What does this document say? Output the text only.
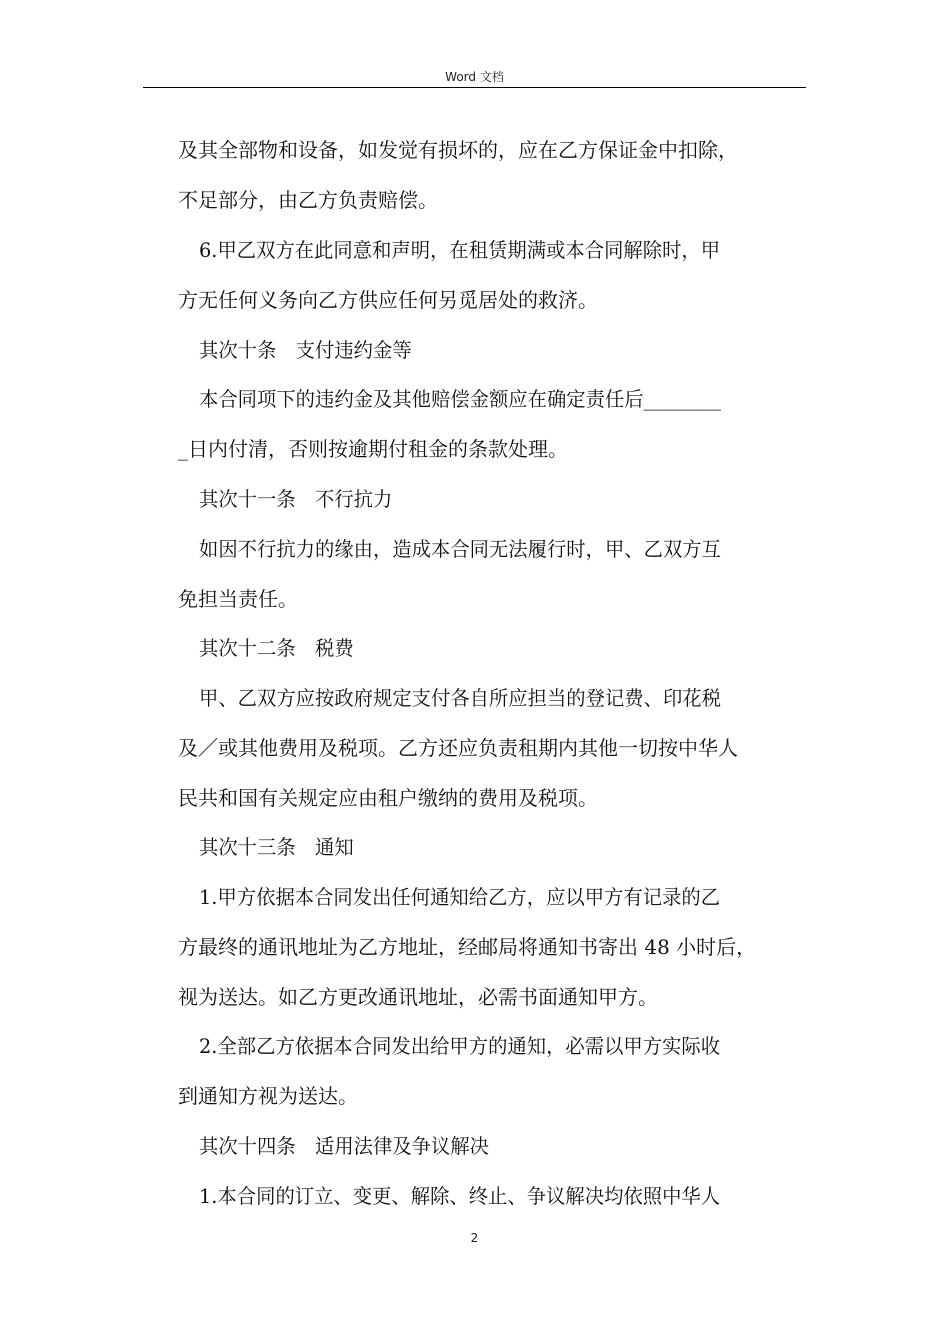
Word 文档
及其全部物和设备，如发觉有损坏的，应在乙方保证金中扣除，
不足部分，由乙方负责赔偿。
6.甲乙双方在此同意和声明，在租赁期满或本合同解除时，甲
方无任何义务向乙方供应任何另觅居处的救济。
其次十条　支付违约金等
本合同项下的违约金及其他赔偿金额应在确定责任后________
_日内付清，否则按逾期付租金的条款处理。
其次十一条　不行抗力
如因不行抗力的缘由，造成本合同无法履行时，甲、乙双方互
免担当责任。
其次十二条　税费
甲、乙双方应按政府规定支付各自所应担当的登记费、印花税
及／或其他费用及税项。乙方还应负责租期内其他一切按中华人
民共和国有关规定应由租户缴纳的费用及税项。
其次十三条　通知
1.甲方依据本合同发出任何通知给乙方，应以甲方有记录的乙
方最终的通讯地址为乙方地址，经邮局将通知书寄出 48 小时后，
视为送达。如乙方更改通讯地址，必需书面通知甲方。
2.全部乙方依据本合同发出给甲方的通知，必需以甲方实际收
到通知方视为送达。
其次十四条　适用法律及争议解决
1.本合同的订立、变更、解除、终止、争议解决均依照中华人
2
